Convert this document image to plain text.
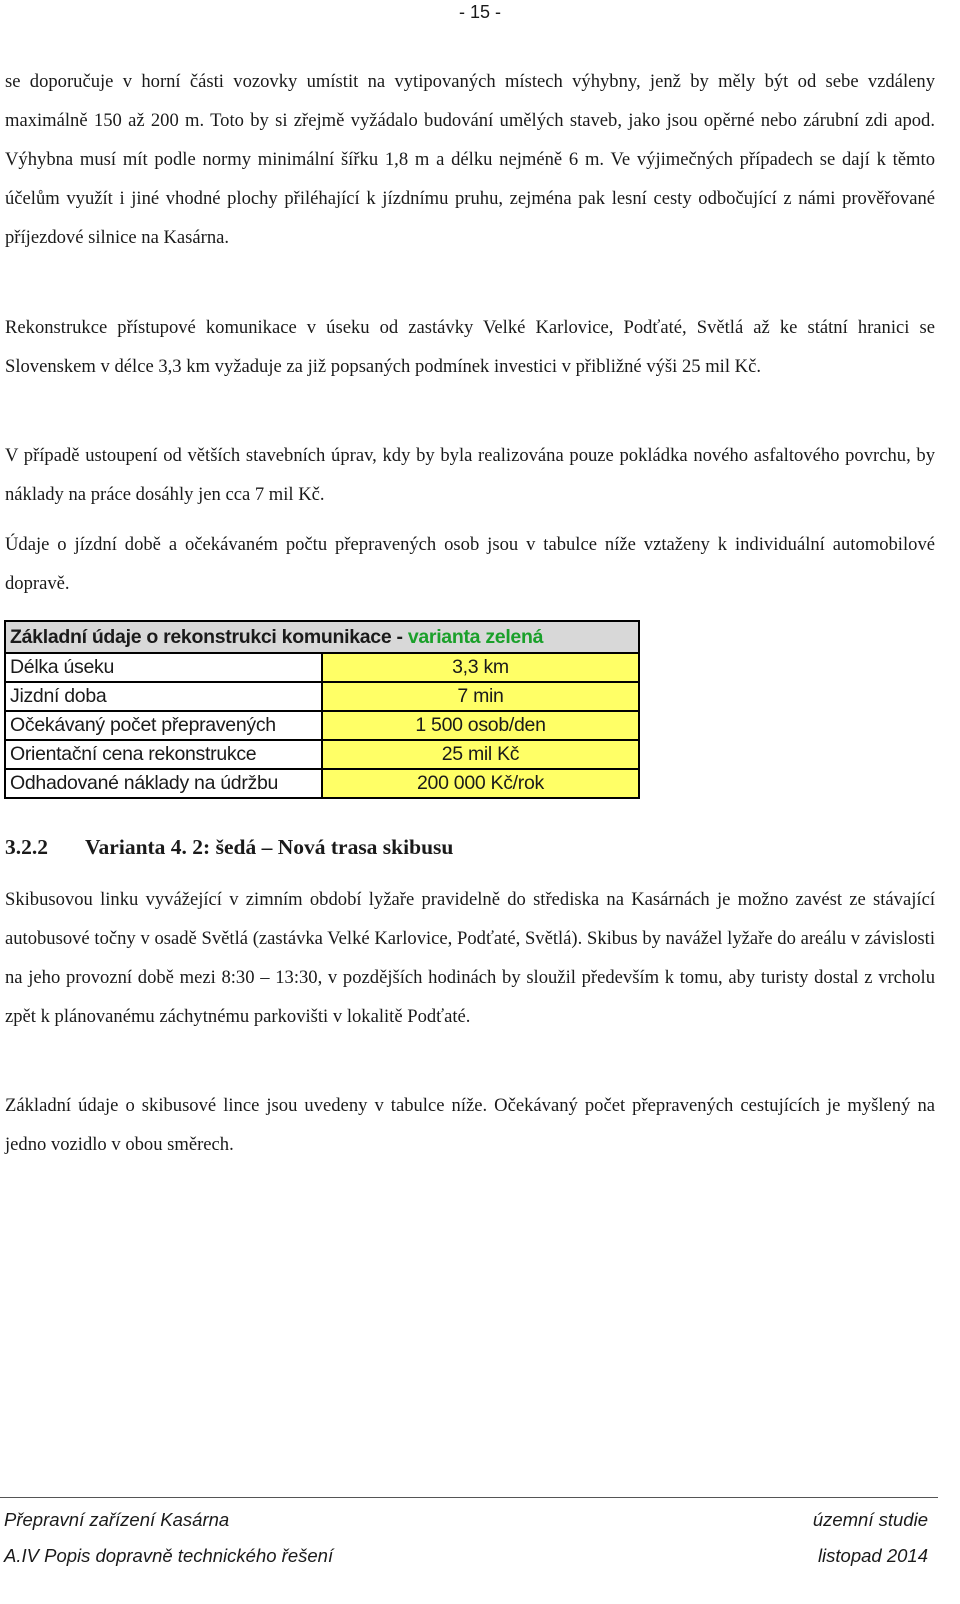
- 15 -

se doporučuje v horní části vozovky umístit na vytipovaných místech výhybny, jenž by měly být od sebe vzdáleny maximálně 150 až 200 m. Toto by si zřejmě vyžádalo budování umělých staveb, jako jsou opěrné nebo zárubní zdi apod. Výhybna musí mít podle normy minimální šířku 1,8 m a délku nejméně 6 m. Ve výjimečných případech se dají k těmto účelům využít i jiné vhodné plochy přiléhající k jízdnímu pruhu, zejména pak lesní cesty odbočující z námi prověřované příjezdové silnice na Kasárna.

Rekonstrukce přístupové komunikace v úseku od zastávky Velké Karlovice, Podťaté, Světlá až ke státní hranici se Slovenskem v délce 3,3 km vyžaduje za již popsaných podmínek investici v přibližné výši 25 mil Kč.

V případě ustoupení od větších stavebních úprav, kdy by byla realizována pouze pokládka nového asfaltového povrchu, by náklady na práce dosáhly jen cca 7 mil Kč.

Údaje o jízdní době a očekávaném počtu přepravených osob jsou v tabulce níže vztaženy k individuální automobilové dopravě.

Základní údaje o rekonstrukci komunikace - varianta zelená	
Délka úseku	3,3 km
Jizdní doba	7 min
Očekávaný počet přepravených	1 500 osob/den
Orientační cena rekonstrukce	25 mil Kč
Odhadované náklady na údržbu	200 000 Kč/rok
3.2.2 Varianta 4. 2: šedá – Nová trasa skibusu

Skibusovou linku vyvážející v zimním období lyžaře pravidelně do střediska na Kasárnách je možno zavést ze stávající autobusové točny v osadě Světlá (zastávka Velké Karlovice, Podťaté, Světlá). Skibus by navážel lyžaře do areálu v závislosti na jeho provozní době mezi 8:30 – 13:30, v pozdějších hodinách by sloužil především k tomu, aby turisty dostal z vrcholu zpět k plánovanému záchytnému parkovišti v lokalitě Podťaté.

Základní údaje o skibusové lince jsou uvedeny v tabulce níže. Očekávaný počet přepravených cestujících je myšlený na jedno vozidlo v obou směrech.

Přepravní zařízení Kasárna	územní studie
A.IV Popis dopravně technického řešení	listopad 2014
